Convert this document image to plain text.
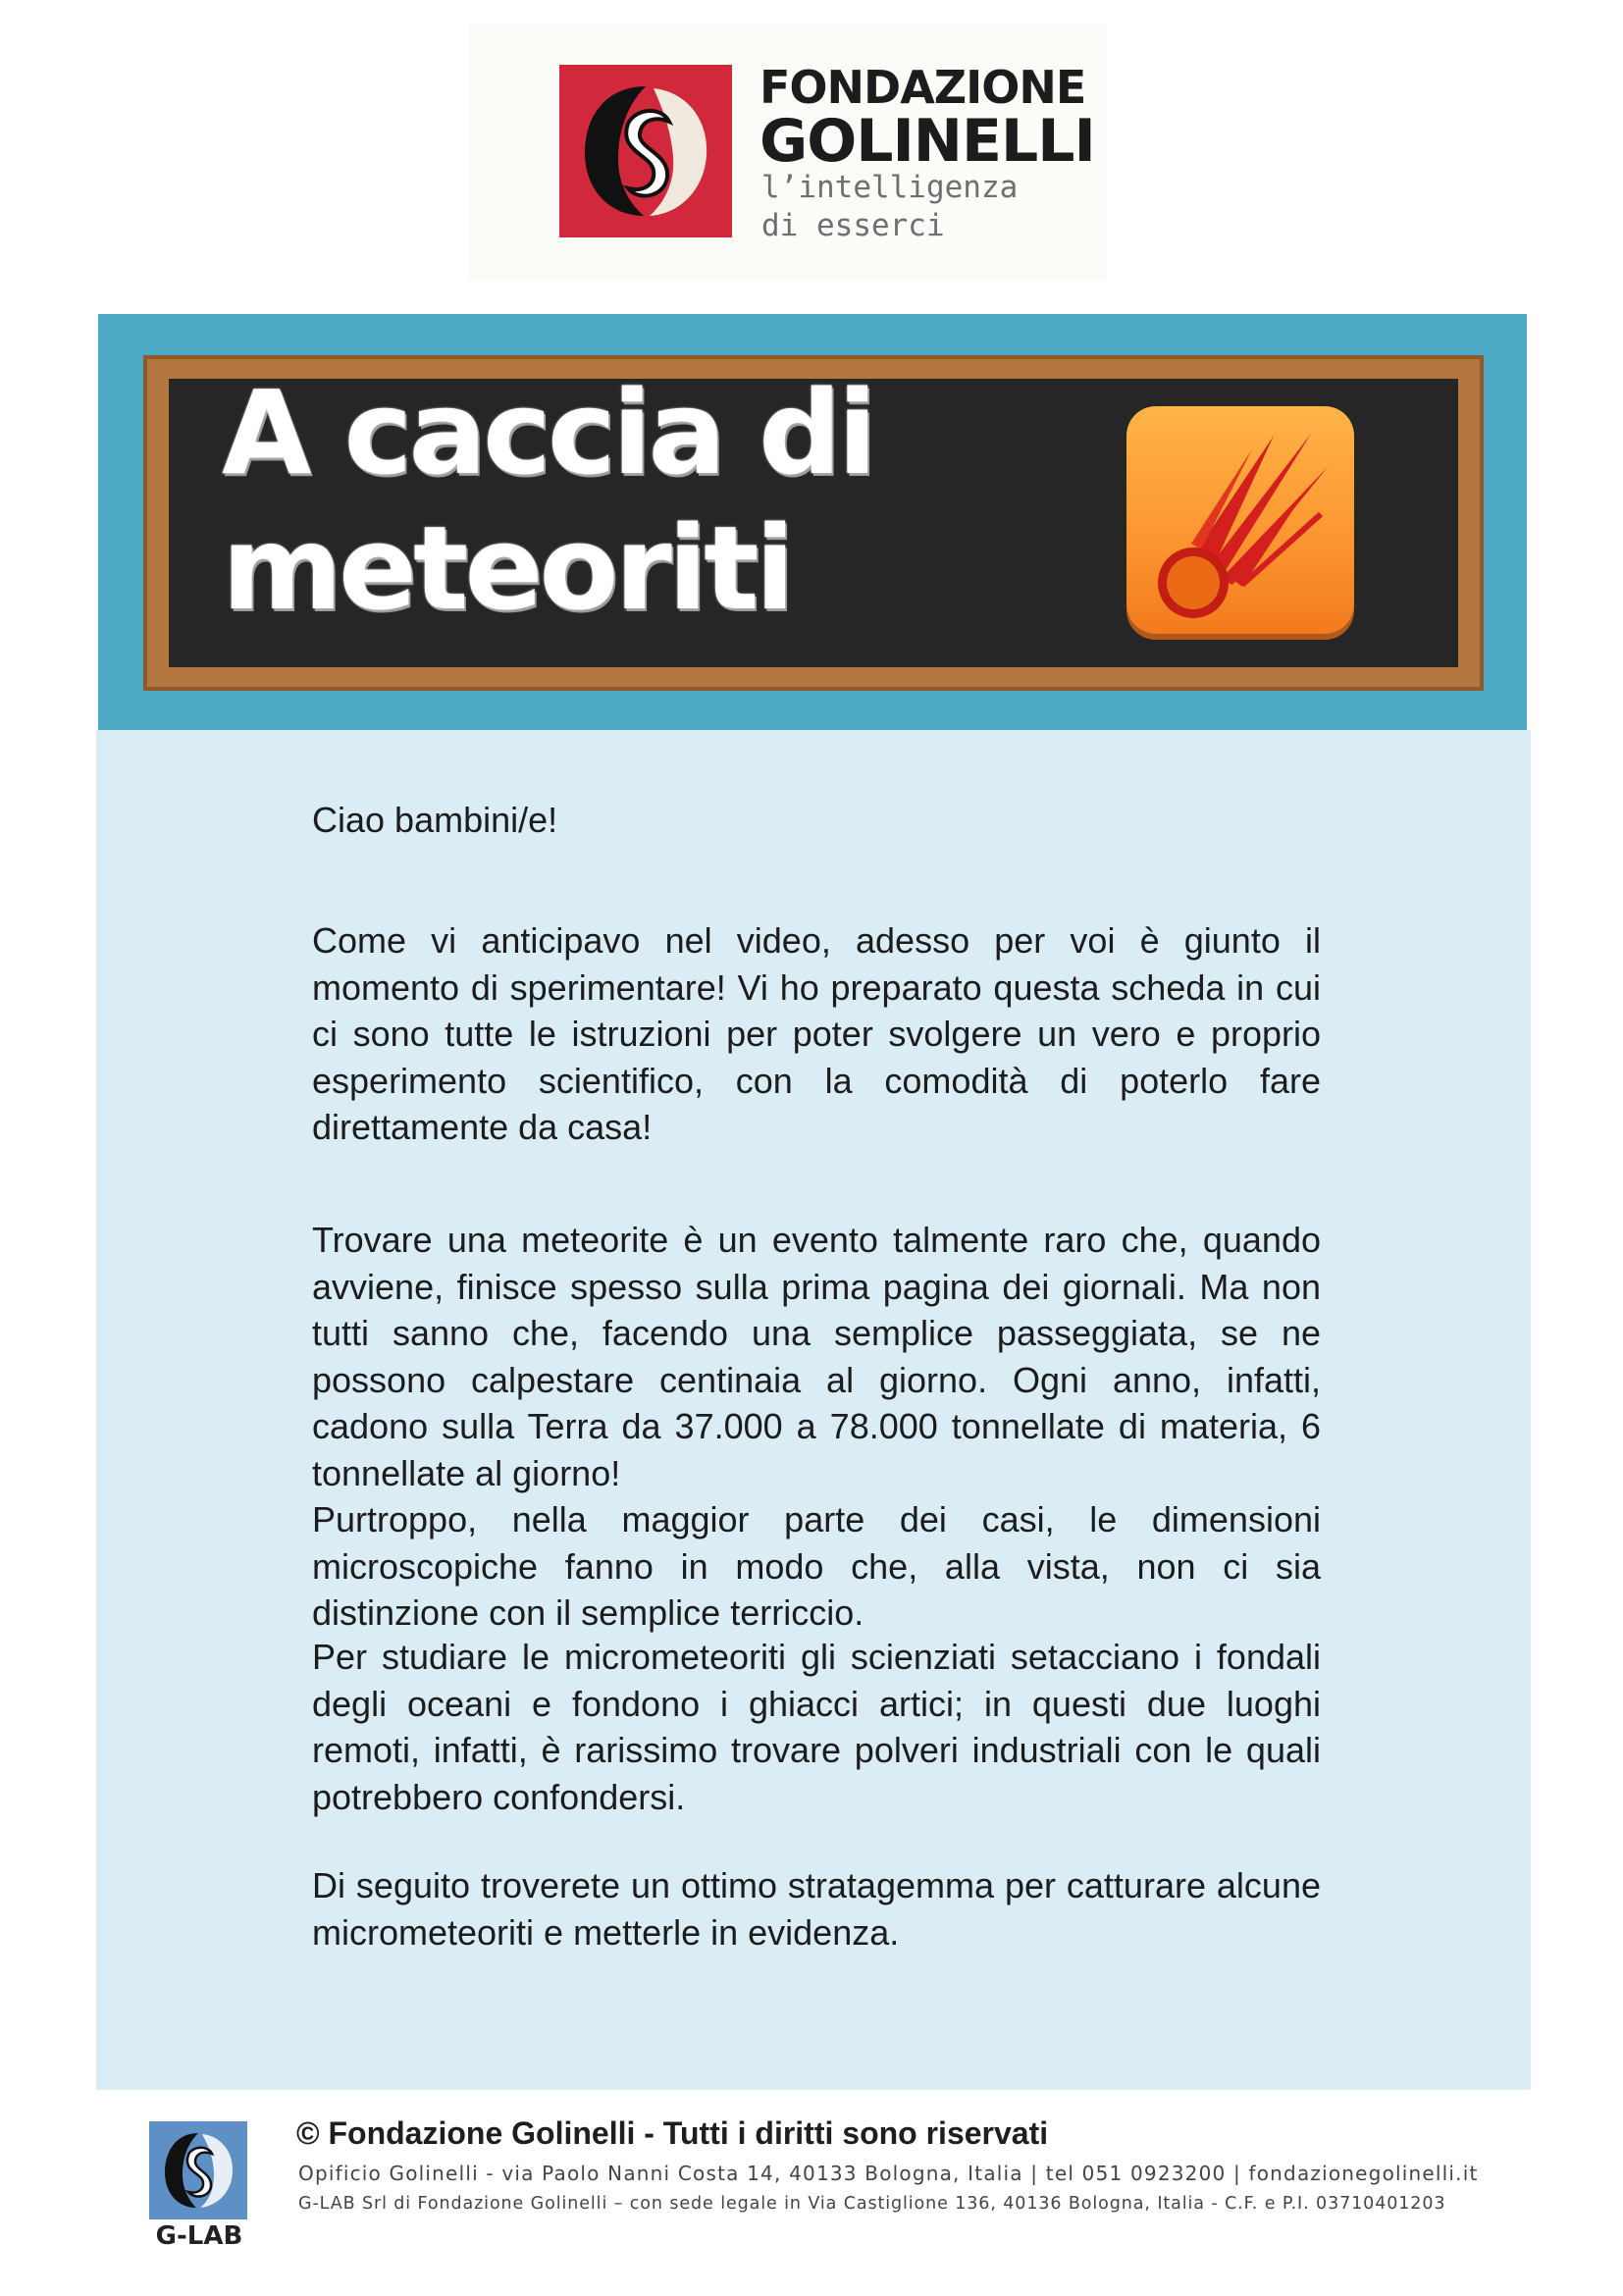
FONDAZIONE
GOLINELLI
l’intelligenza
di esserci
A caccia di
meteoriti

Ciao bambini/e!

Come vi anticipavo nel video, adesso per voi è giunto il momento di sperimentare! Vi ho preparato questa scheda in cui ci sono tutte le istruzioni per poter svolgere un vero e proprio esperimento scientifico, con la comodità di poterlo fare direttamente da casa!

Trovare una meteorite è un evento talmente raro che, quando avviene, finisce spesso sulla prima pagina dei giornali. Ma non tutti sanno che, facendo una semplice passeggiata, se ne possono calpestare centinaia al giorno. Ogni anno, infatti, cadono sulla Terra da 37.000 a 78.000 tonnellate di materia, 6 tonnellate al giorno!

Purtroppo, nella maggior parte dei casi, le dimensioni microscopiche fanno in modo che, alla vista, non ci sia distinzione con il semplice terriccio.

Per studiare le micrometeoriti gli scienziati setacciano i fondali degli oceani e fondono i ghiacci artici; in questi due luoghi remoti, infatti, è rarissimo trovare polveri industriali con le quali potrebbero confondersi.

Di seguito troverete un ottimo stratagemma per catturare alcune micrometeoriti e metterle in evidenza.

G-LAB
© Fondazione Golinelli - Tutti i diritti sono riservati
Opificio Golinelli - via Paolo Nanni Costa 14, 40133 Bologna, Italia | tel 051 0923200 | fondazionegolinelli.it
G-LAB Srl di Fondazione Golinelli – con sede legale in Via Castiglione 136, 40136 Bologna, Italia - C.F. e P.I. 03710401203
